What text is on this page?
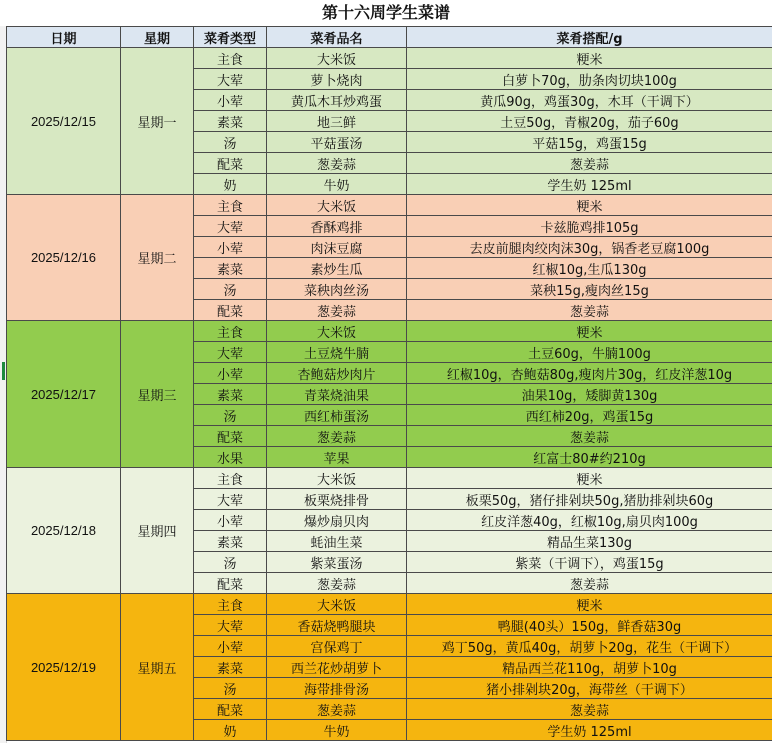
第十六周学生菜谱
日期	星期	菜肴类型	菜肴品名	菜肴搭配/g
2025/12/15	星期一	主食	大米饭	粳米
		大荤	萝卜烧肉	白萝卜70g，肋条肉切块100g
		小荤	黄瓜木耳炒鸡蛋	黄瓜90g，鸡蛋30g，木耳（干调下）
		素菜	地三鲜	土豆50g，青椒20g，茄子60g
		汤	平菇蛋汤	平菇15g，鸡蛋15g
		配菜	葱姜蒜	葱姜蒜
		奶	牛奶	学生奶 125ml
2025/12/16	星期二	主食	大米饭	粳米
		大荤	香酥鸡排	卡兹脆鸡排105g
		小荤	肉沫豆腐	去皮前腿肉绞肉沫30g，锅香老豆腐100g
		素菜	素炒生瓜	红椒10g,生瓜130g
		汤	菜秧肉丝汤	菜秧15g,瘦肉丝15g
		配菜	葱姜蒜	葱姜蒜
2025/12/17	星期三	主食	大米饭	粳米
		大荤	土豆烧牛腩	土豆60g，牛腩100g
		小荤	杏鲍菇炒肉片	红椒10g，杏鲍菇80g,瘦肉片30g，红皮洋葱10g
		素菜	青菜烧油果	油果10g，矮脚黄130g
		汤	西红柿蛋汤	西红柿20g，鸡蛋15g
		配菜	葱姜蒜	葱姜蒜
		水果	苹果	红富士80#约210g
2025/12/18	星期四	主食	大米饭	粳米
		大荤	板栗烧排骨	板栗50g，猪仔排剁块50g,猪肋排剁块60g
		小荤	爆炒扇贝肉	红皮洋葱40g，红椒10g,扇贝肉100g
		素菜	蚝油生菜	精品生菜130g
		汤	紫菜蛋汤	紫菜（干调下），鸡蛋15g
		配菜	葱姜蒜	葱姜蒜
2025/12/19	星期五	主食	大米饭	粳米
		大荤	香菇烧鸭腿块	鸭腿(40头）150g，鲜香菇30g
		小荤	宫保鸡丁	鸡丁50g，黄瓜40g，胡萝卜20g，花生（干调下）
		素菜	西兰花炒胡萝卜	精品西兰花110g，胡萝卜10g
		汤	海带排骨汤	猪小排剁块20g，海带丝（干调下）
		配菜	葱姜蒜	葱姜蒜
		奶	牛奶	学生奶 125ml
